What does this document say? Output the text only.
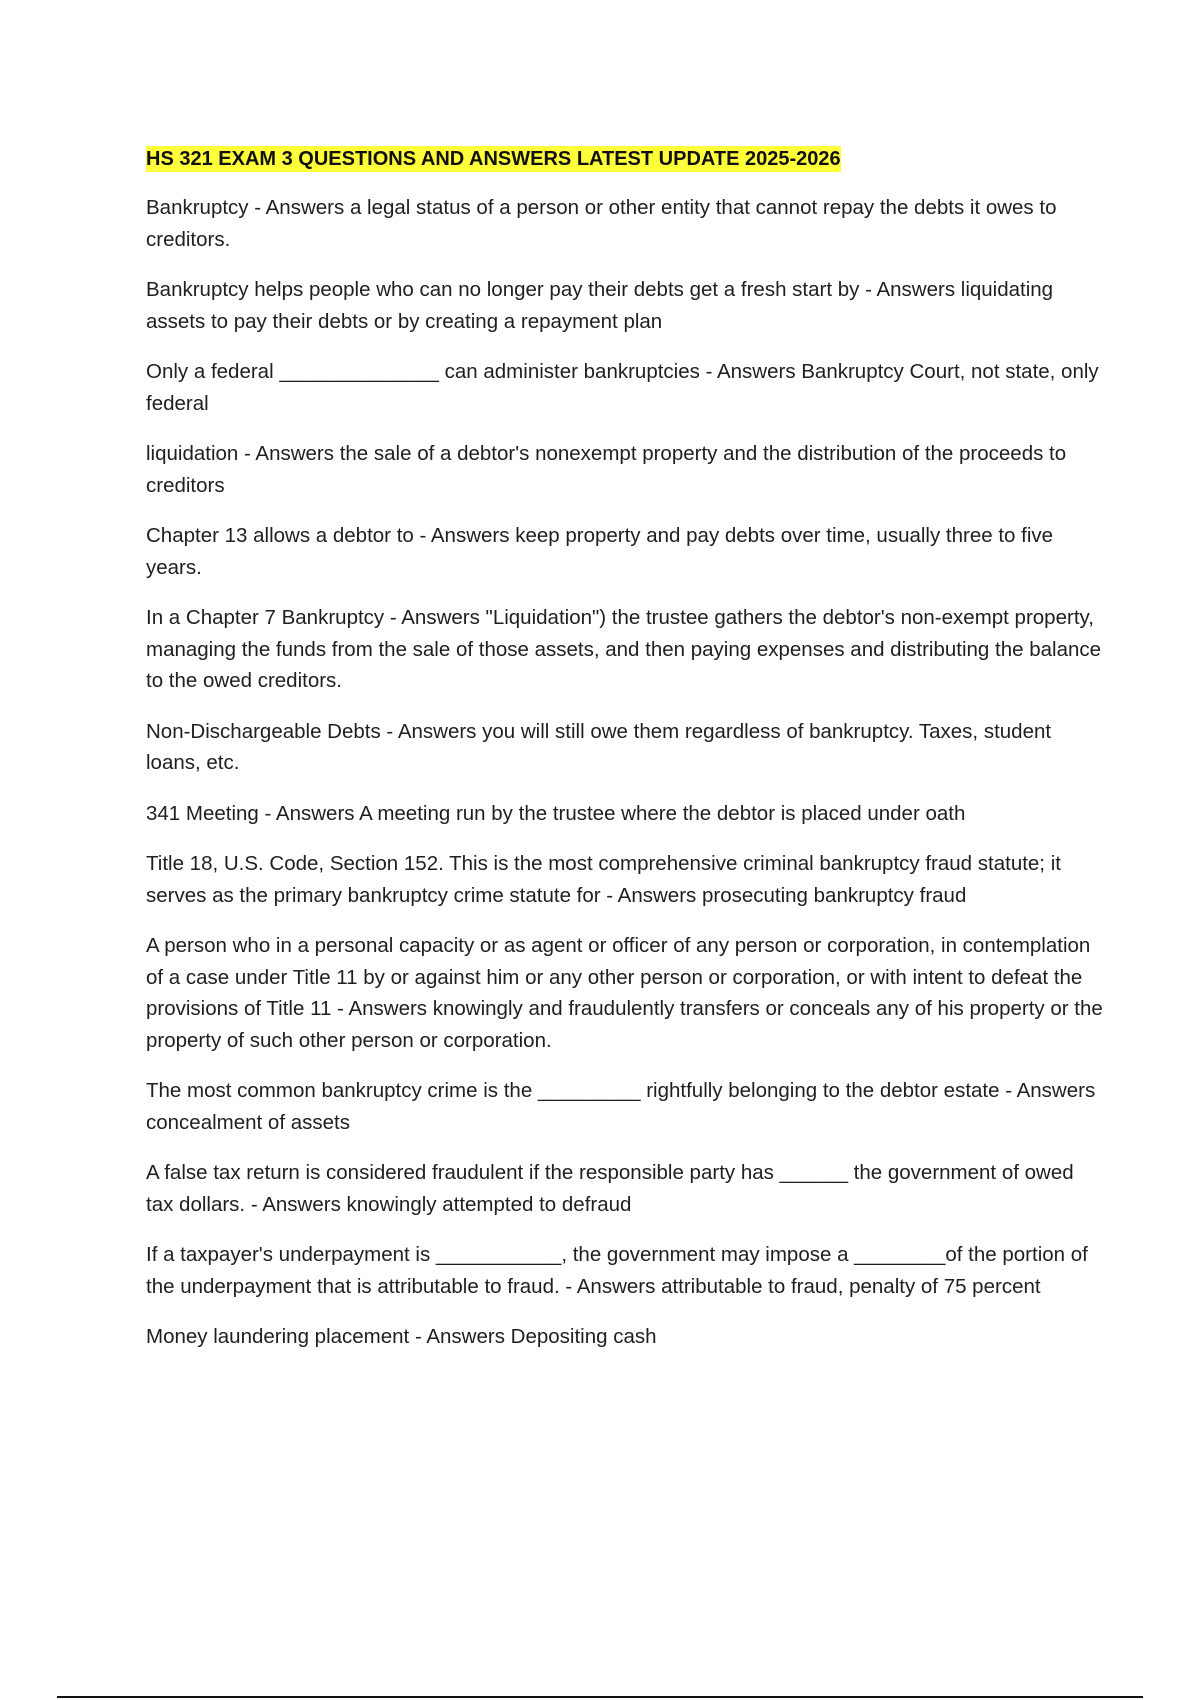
HS 321 EXAM 3 QUESTIONS AND ANSWERS LATEST UPDATE 2025-2026

Bankruptcy - Answers a legal status of a person or other entity that cannot repay the debts it owes to creditors.

Bankruptcy helps people who can no longer pay their debts get a fresh start by - Answers liquidating assets to pay their debts or by creating a repayment plan

Only a federal ______________ can administer bankruptcies - Answers Bankruptcy Court, not state, only federal

liquidation - Answers the sale of a debtor's nonexempt property and the distribution of the proceeds to creditors

Chapter 13 allows a debtor to - Answers keep property and pay debts over time, usually three to five years.

In a Chapter 7 Bankruptcy - Answers "Liquidation") the trustee gathers the debtor's non-exempt property, managing the funds from the sale of those assets, and then paying expenses and distributing the balance to the owed creditors.

Non-Dischargeable Debts - Answers you will still owe them regardless of bankruptcy. Taxes, student loans, etc.

341 Meeting - Answers A meeting run by the trustee where the debtor is placed under oath

Title 18, U.S. Code, Section 152. This is the most comprehensive criminal bankruptcy fraud statute; it serves as the primary bankruptcy crime statute for - Answers prosecuting bankruptcy fraud

A person who in a personal capacity or as agent or officer of any person or corporation, in contemplation of a case under Title 11 by or against him or any other person or corporation, or with intent to defeat the provisions of Title 11 - Answers knowingly and fraudulently transfers or conceals any of his property or the property of such other person or corporation.

The most common bankruptcy crime is the _________ rightfully belonging to the debtor estate - Answers concealment of assets

A false tax return is considered fraudulent if the responsible party has ______ the government of owed tax dollars. - Answers knowingly attempted to defraud

If a taxpayer's underpayment is ___________, the government may impose a ________of the portion of the underpayment that is attributable to fraud. - Answers attributable to fraud, penalty of 75 percent

Money laundering placement - Answers Depositing cash
